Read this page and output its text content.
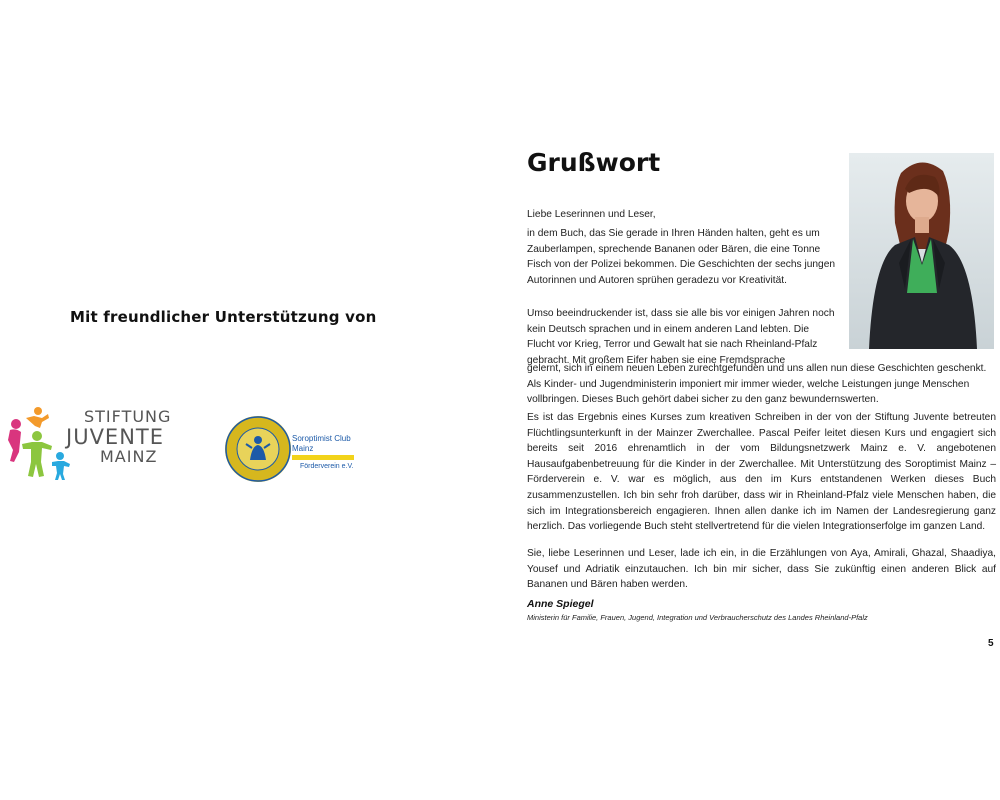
Mit freundlicher Unterstützung von
STIFTUNG
JUVENTE
MAINZ
Soroptimist Club Mainz
Förderverein e.V.
Grußwort

Liebe Leserinnen und Leser,

in dem Buch, das Sie gerade in Ihren Händen halten, geht es um Zauberlampen, sprechende Bananen oder Bären, die eine Tonne Fisch von der Polizei bekommen. Die Geschichten der sechs jungen Autorinnen und Autoren sprühen geradezu vor Kreativität.

Umso beeindruckender ist, dass sie alle bis vor einigen Jahren noch kein Deutsch sprachen und in einem anderen Land lebten. Die Flucht vor Krieg, Terror und Gewalt hat sie nach Rheinland-Pfalz gebracht. Mit großem Eifer haben sie eine Fremdsprache

gelernt, sich in einem neuen Leben zurechtgefunden und uns allen nun diese Geschichten geschenkt. Als Kinder- und Jugendministerin imponiert mir immer wieder, welche Leistungen junge Menschen vollbringen. Dieses Buch gehört dabei sicher zu den ganz bewundernswerten.

Es ist das Ergebnis eines Kurses zum kreativen Schreiben in der von der Stiftung Juvente betreuten Flüchtlingsunterkunft in der Mainzer Zwerchallee. Pascal Peifer leitet diesen Kurs und engagiert sich bereits seit 2016 ehrenamtlich in der vom Bildungsnetzwerk Mainz e. V. angebotenen Hausaufgabenbetreuung für die Kinder in der Zwerchallee. Mit Unterstützung des Soroptimist Mainz – Förderverein e. V. war es möglich, aus den im Kurs entstandenen Werken dieses Buch zusammenzustellen. Ich bin sehr froh darüber, dass wir in Rheinland-Pfalz viele Menschen haben, die sich im Integrationsbereich engagieren. Ihnen allen danke ich im Namen der Landesregierung ganz herzlich. Das vorliegende Buch steht stellvertretend für die vielen Integrationserfolge im ganzen Land.

Sie, liebe Leserinnen und Leser, lade ich ein, in die Erzählungen von Aya, Amirali, Ghazal, Shaadiya, Yousef und Adriatik einzutauchen. Ich bin mir sicher, dass Sie zukünftig einen anderen Blick auf Bananen und Bären haben werden.

Anne Spiegel
Ministerin für Familie, Frauen, Jugend, Integration und Verbraucherschutz des Landes Rheinland-Pfalz
5
